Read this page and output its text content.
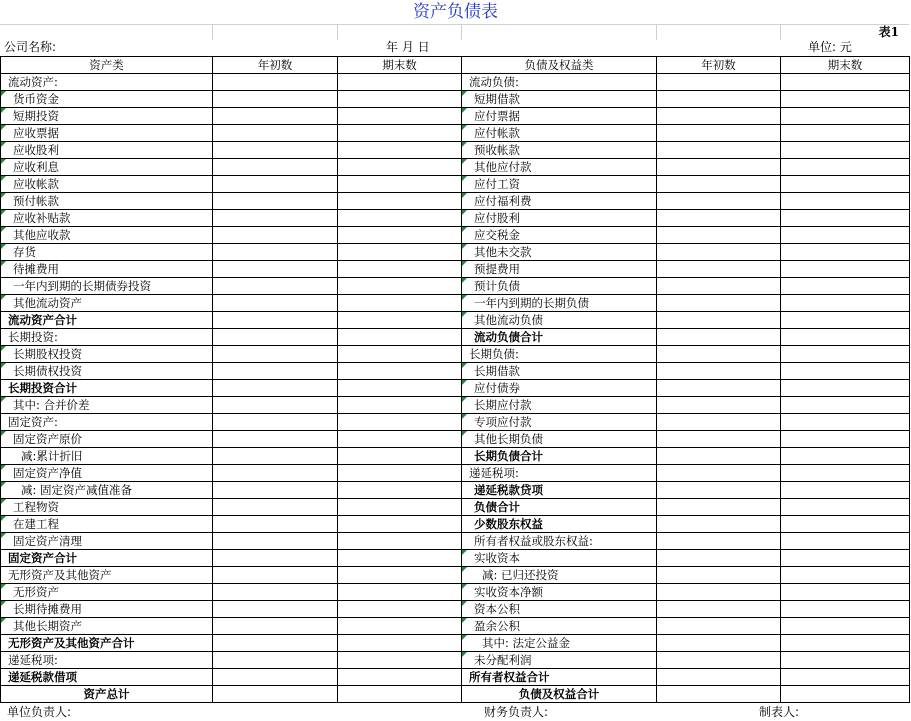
资产负债表
表1
公司名称:	年 月 日	单位: 元
资产类	年初数	期末数	负债及权益类	年初数	期末数
流动资产:			流动负债:		
货币资金			短期借款		
短期投资			应付票据		
应收票据			应付帐款		
应收股利			预收帐款		
应收利息			其他应付款		
应收帐款			应付工资		
预付帐款			应付福利费		
应收补贴款			应付股利		
其他应收款			应交税金		
存货			其他未交款		
待摊费用			预提费用		
一年内到期的长期债券投资			预计负债		
其他流动资产			一年内到期的长期负债		
流动资产合计			其他流动负债		
长期投资:			流动负债合计		
长期股权投资			长期负债:		
长期债权投资			长期借款		
长期投资合计			应付债券		
其中: 合并价差			长期应付款		
固定资产:			专项应付款		
固定资产原价			其他长期负债		
减:累计折旧			长期负债合计		
固定资产净值			递延税项:		
减: 固定资产减值准备			递延税款贷项		
工程物资			负债合计		
在建工程			少数股东权益		
固定资产清理			所有者权益或股东权益:		
固定资产合计			实收资本		
无形资产及其他资产			减: 已归还投资		
无形资产			实收资本净额		
长期待摊费用			资本公积		
其他长期资产			盈余公积		
无形资产及其他资产合计			其中: 法定公益金		
递延税项:			未分配利润		
递延税款借项			所有者权益合计		
资产总计			负债及权益合计		
单位负责人:	财务负责人:	制表人:
